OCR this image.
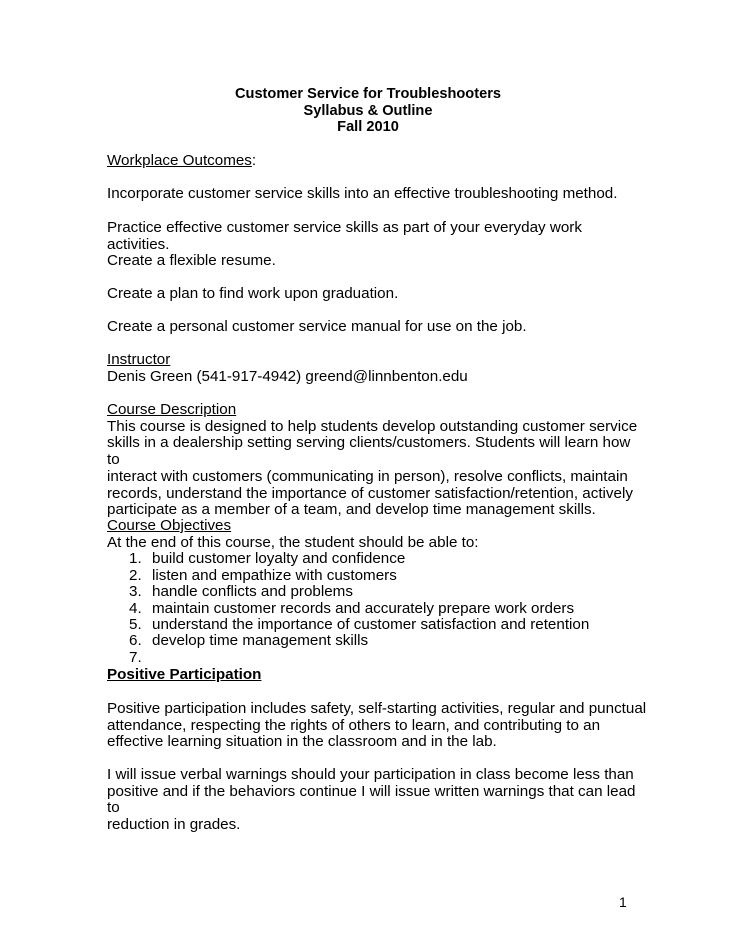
Customer Service for Troubleshooters
Syllabus & Outline
Fall 2010
Workplace Outcomes:
Incorporate customer service skills into an effective troubleshooting method.
Practice effective customer service skills as part of your everyday work activities.
Create a flexible resume.
Create a plan to find work upon graduation.
Create a personal customer service manual for use on the job.
Instructor
Denis Green (541-917-4942) greend@linnbenton.edu
Course Description
This course is designed to help students develop outstanding customer service
skills in a dealership setting serving clients/customers. Students will learn how to
interact with customers (communicating in person), resolve conflicts, maintain
records, understand the importance of customer satisfaction/retention, actively
participate as a member of a team, and develop time management skills.
Course Objectives
At the end of this course, the student should be able to:
1. build customer loyalty and confidence
2. listen and empathize with customers
3. handle conflicts and problems
4. maintain customer records and accurately prepare work orders
5. understand the importance of customer satisfaction and retention
6. develop time management skills
7.
Positive Participation
Positive participation includes safety, self-starting activities, regular and punctual
attendance, respecting the rights of others to learn, and contributing to an
effective learning situation in the classroom and in the lab.
I will issue verbal warnings should your participation in class become less than
positive and if the behaviors continue I will issue written warnings that can lead to
reduction in grades.
1
